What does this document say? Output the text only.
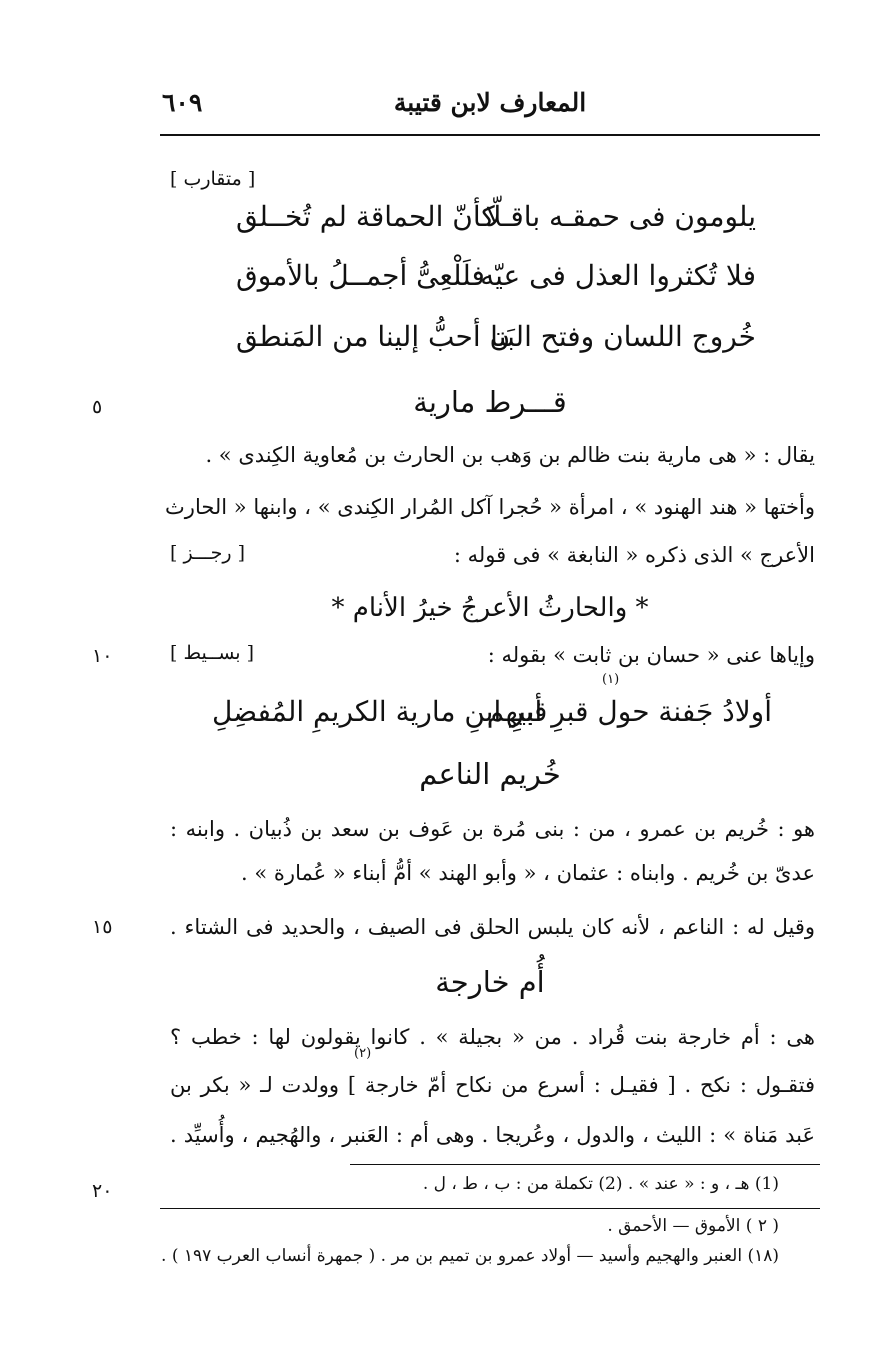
المعارف لابن قتيبة
٦٠٩
[ متقارب ]
يلومون فى حمقـه باقـلّا
كأنّ الحماقة لم تُخــلق
فلا تُكثروا العذل فى عيّه
فلَلْعِىُّ أجمــلُ بالأموق
خُروج اللسان وفتح البَنا
ن أحبُّ إلينا من المَنطق
قـــرط مارية
٥
يقال : « هى مارية بنت ظالم بن وَهب بن الحارث بن مُعاوية الكِندى » .
وأختها « هند الهنود » ، امرأة « حُجرا آكل المُرار الكِندى » ، وابنها « الحارث
الأعرج » الذى ذكره « النابغة » فى قوله :
[ رجـــز ]
* والحارثُ الأعرجُ خيرُ الأنام *
وإياها عنى « حسان بن ثابت » بقوله :
[ بســيط ]
١٠
(١)
أولادُ جَفنة حول قبرِ أبيهم
قبرِ ابنِ مارية الكريمِ المُفضِلِ
خُريم الناعم
هو : خُريم بن عمرو ، من : بنى مُرة بن عَوف بن سعد بن ذُبيان . وابنه :
عدىّ بن خُريم . وابناه : عثمان ، « وأبو الهند » أمُّ أبناء « عُمارة » .
وقيل له : الناعم ، لأنه كان يلبس الحلق فى الصيف ، والحديد فى الشتاء .
١٥
أُم خارجة
هى : أم خارجة بنت قُراد . من « بجيلة » . كانوا يقولون لها : خطب ؟
(٢)
فتقـول : نكح . [ فقيـل : أسرع من نكاح أمّ خارجة ] وولدت لـ « بكر بن
عَبد مَناة » : الليث ، والدول ، وعُريجا . وهى أم : العَنبر ، والهُجيم ، وأُسيِّد .
(1) هـ ، و : « عند » . (2) تكملة من : ب ، ط ، ل .
٢٠
( ٢ ) الأموق — الأحمق .
(١٨) العنبر والهجيم وأسيد — أولاد عمرو بن تميم بن مر . ( جمهرة أنساب العرب ١٩٧ ) .
